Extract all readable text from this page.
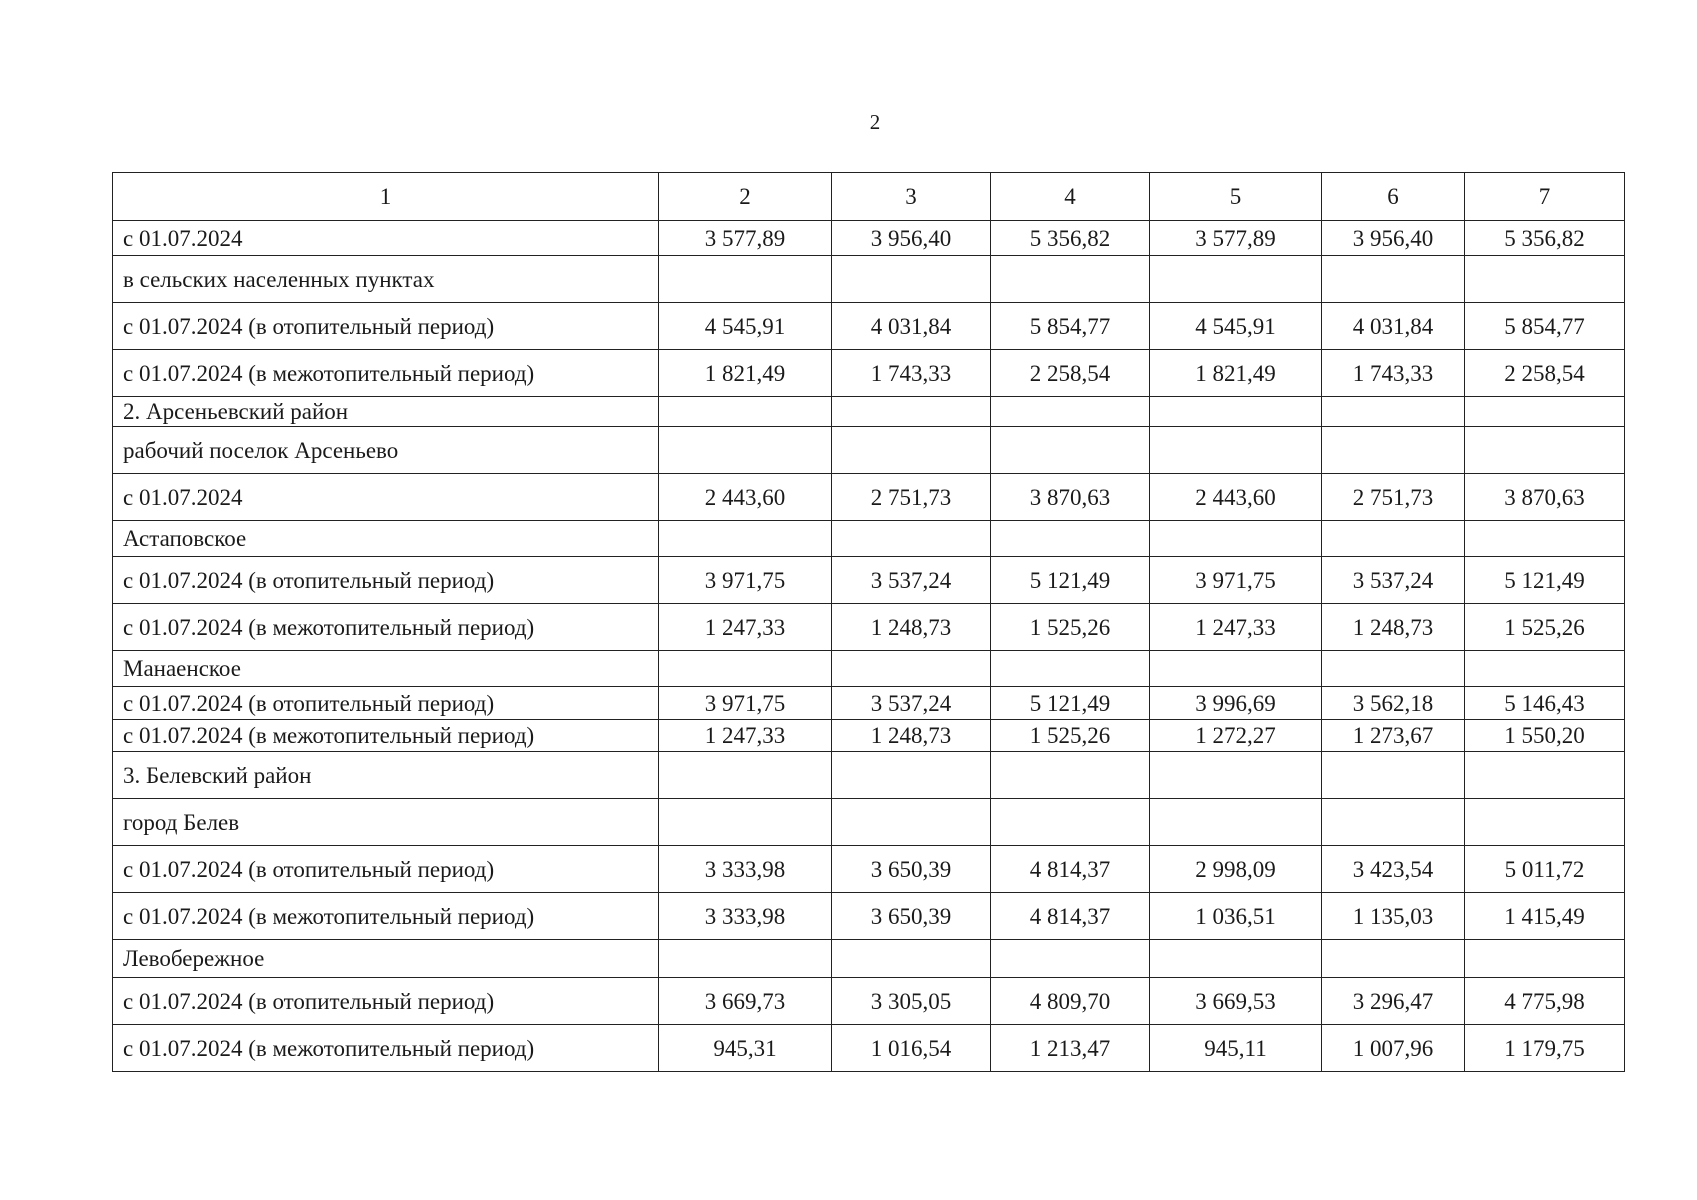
2
1	2	3	4	5	6	7
с 01.07.2024	3 577,89	3 956,40	5 356,82	3 577,89	3 956,40	5 356,82
в сельских населенных пунктах						
с 01.07.2024 (в отопительный период)	4 545,91	4 031,84	5 854,77	4 545,91	4 031,84	5 854,77
с 01.07.2024 (в межотопительный период)	1 821,49	1 743,33	2 258,54	1 821,49	1 743,33	2 258,54
2. Арсеньевский район						
рабочий поселок Арсеньево						
с 01.07.2024	2 443,60	2 751,73	3 870,63	2 443,60	2 751,73	3 870,63
Астаповское						
с 01.07.2024 (в отопительный период)	3 971,75	3 537,24	5 121,49	3 971,75	3 537,24	5 121,49
с 01.07.2024 (в межотопительный период)	1 247,33	1 248,73	1 525,26	1 247,33	1 248,73	1 525,26
Манаенское						
с 01.07.2024 (в отопительный период)	3 971,75	3 537,24	5 121,49	3 996,69	3 562,18	5 146,43
с 01.07.2024 (в межотопительный период)	1 247,33	1 248,73	1 525,26	1 272,27	1 273,67	1 550,20
3. Белевский район						
город Белев						
с 01.07.2024 (в отопительный период)	3 333,98	3 650,39	4 814,37	2 998,09	3 423,54	5 011,72
с 01.07.2024 (в межотопительный период)	3 333,98	3 650,39	4 814,37	1 036,51	1 135,03	1 415,49
Левобережное						
с 01.07.2024 (в отопительный период)	3 669,73	3 305,05	4 809,70	3 669,53	3 296,47	4 775,98
с 01.07.2024 (в межотопительный период)	945,31	1 016,54	1 213,47	945,11	1 007,96	1 179,75
